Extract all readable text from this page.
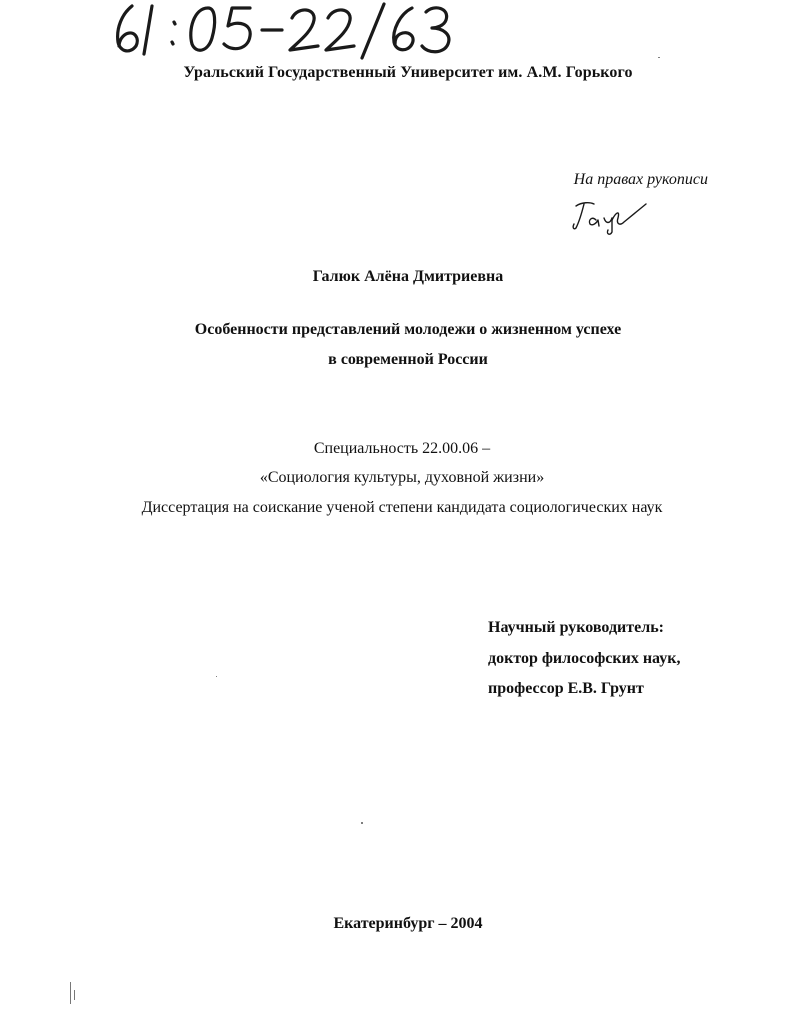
Уральский Государственный Университет им. А.М. Горького
На правах рукописи
Галюк Алёна Дмитриевна
Особенности представлений молодежи о жизненном успехе
в современной России
Специальность 22.00.06 –
«Социология культуры, духовной жизни»
Диссертация на соискание ученой степени кандидата социологических наук
Научный руководитель:
доктор философских наук,
профессор Е.В. Грунт
Екатеринбург – 2004
